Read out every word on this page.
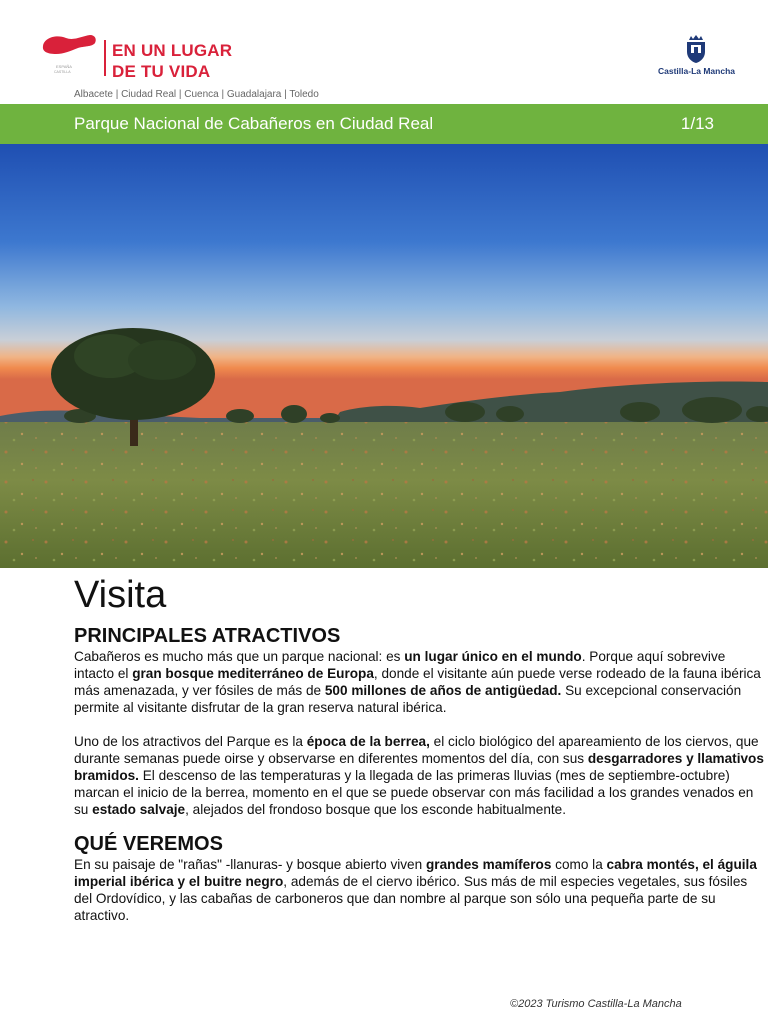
ESPAÑA
CASTILLA
EN UN LUGAR
DE TU VIDA
Albacete | Ciudad Real | Cuenca | Guadalajara | Toledo
Castilla-La Mancha
Parque Nacional de Cabañeros en Ciudad Real	1/13
Visita
PRINCIPALES ATRACTIVOS

Cabañeros es mucho más que un parque nacional: es un lugar único en el mundo. Porque aquí sobrevive intacto el gran bosque mediterráneo de Europa, donde el visitante aún puede verse rodeado de la fauna ibérica más amenazada, y ver fósiles de más de 500 millones de años de antigüedad. Su excepcional conservación permite al visitante disfrutar de la gran reserva natural ibérica.

Uno de los atractivos del Parque es la época de la berrea, el ciclo biológico del apareamiento de los ciervos, que durante semanas puede oirse y observarse en diferentes momentos del día, con sus desgarradores y llamativos bramidos. El descenso de las temperaturas y la llegada de las primeras lluvias (mes de septiembre-octubre) marcan el inicio de la berrea, momento en el que se puede observar con más facilidad a los grandes venados en su estado salvaje, alejados del frondoso bosque que los esconde habitualmente.

QUÉ VEREMOS

En su paisaje de "rañas" -llanuras- y bosque abierto viven grandes mamíferos como la cabra montés, el águila imperial ibérica y el buitre negro, además de el ciervo ibérico. Sus más de mil especies vegetales, sus fósiles del Ordovídico, y las cabañas de carboneros que dan nombre al parque son sólo una pequeña parte de su atractivo.

©2023 Turismo Castilla-La Mancha
